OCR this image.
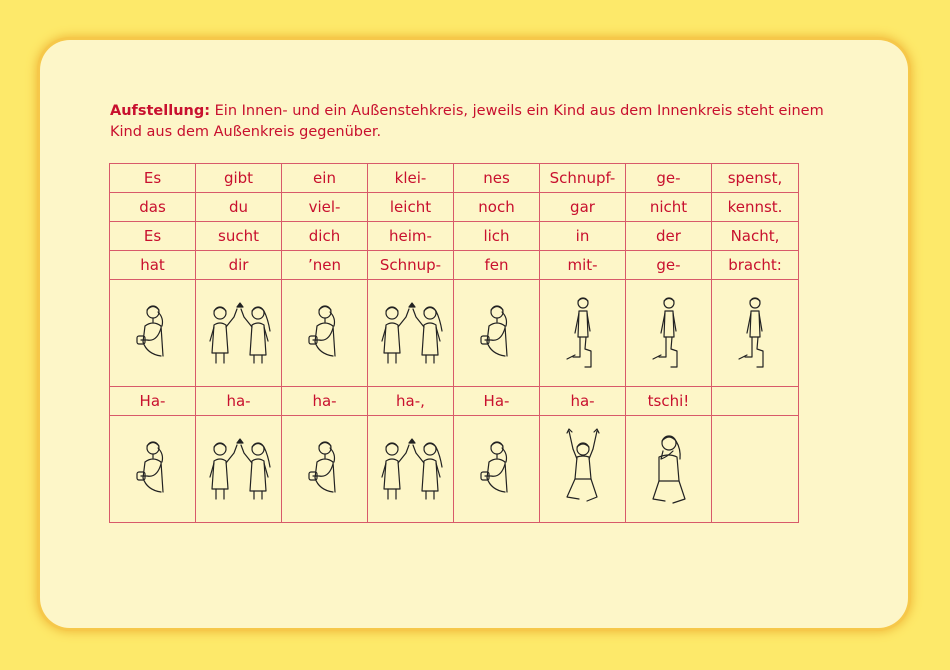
Aufstellung: Ein Innen- und ein Außenstehkreis, jeweils ein Kind aus dem Innenkreis steht einem Kind aus dem Außenkreis gegenüber.
Es	gibt	ein	klei-	nes	Schnupf-	ge-	spenst,
das	du	viel-	leicht	noch	gar	nicht	kennst.
Es	sucht	dich	heim-	lich	in	der	Nacht,
hat	dir	’nen	Schnup-	fen	mit-	ge-	bracht:

Ha-	ha-	ha-	ha-,	Ha-	ha-	tschi!	
